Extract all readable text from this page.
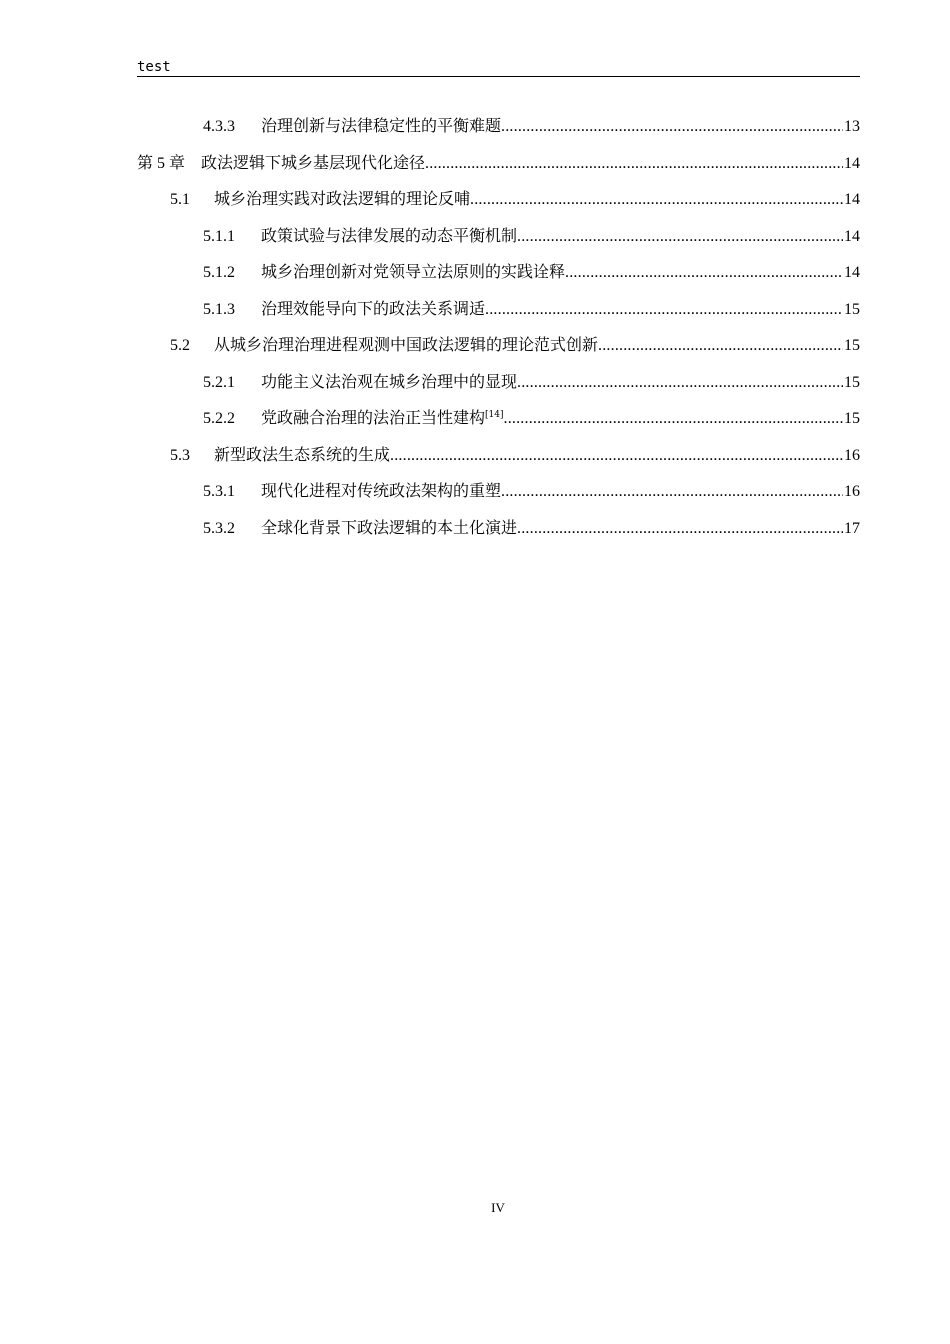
test
4.3.3	治理创新与法律稳定性的平衡难题 .....	13
第 5 章 政法逻辑下城乡基层现代化途径 .....	14
5.1	城乡治理实践对政法逻辑的理论反哺 .....	14
5.1.1	政策试验与法律发展的动态平衡机制 .....	14
5.1.2	城乡治理创新对党领导立法原则的实践诠释 .....	14
5.1.3	治理效能导向下的政法关系调适 .....	15
5.2	从城乡治理治理进程观测中国政法逻辑的理论范式创新 .....	15
5.2.1	功能主义法治观在城乡治理中的显现 .....	15
5.2.2	党政融合治理的法治正当性建构[14] .....	15
5.3	新型政法生态系统的生成 .....	16
5.3.1	现代化进程对传统政法架构的重塑 .....	16
5.3.2	全球化背景下政法逻辑的本土化演进 .....	17
IV
